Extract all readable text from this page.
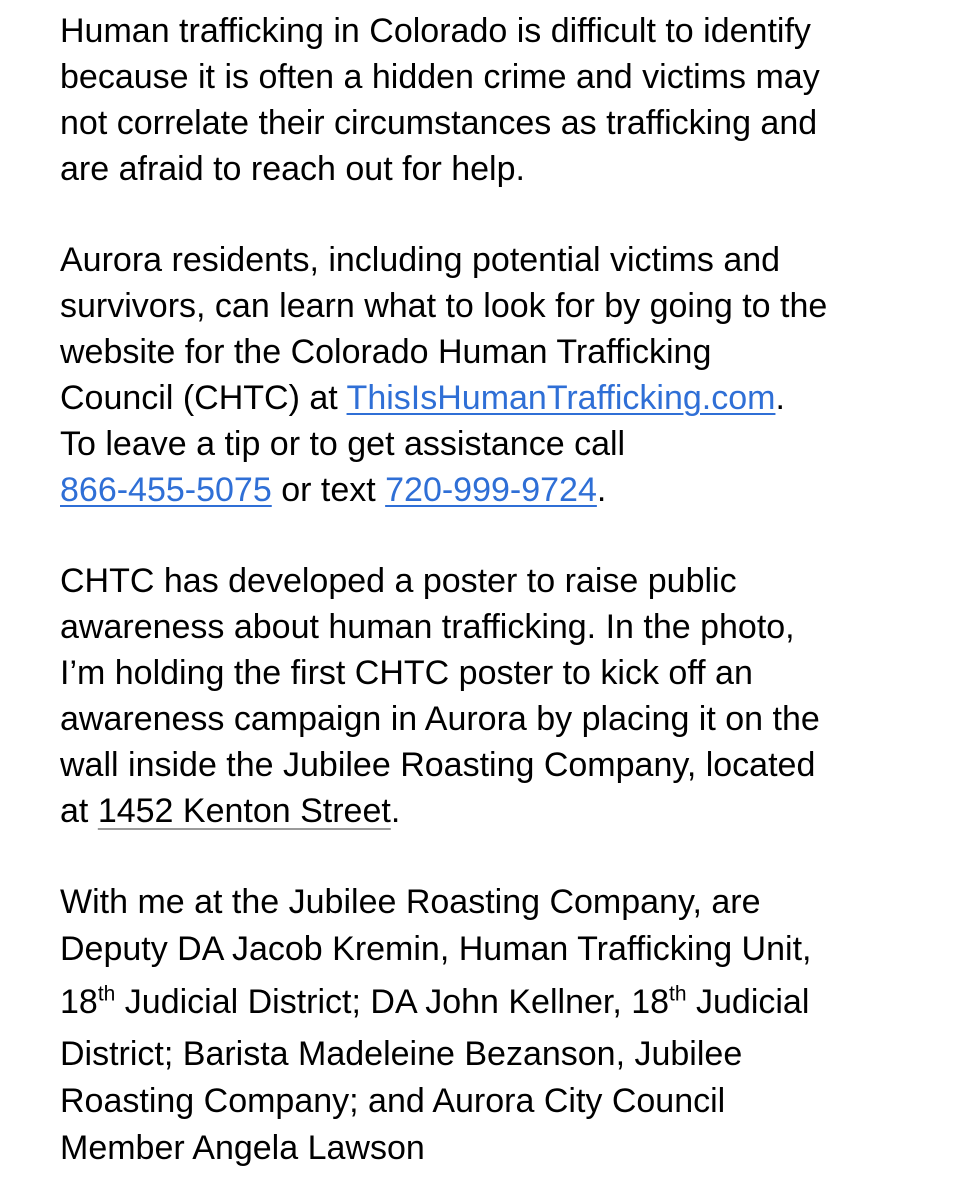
Human trafficking in Colorado is difficult to identify
because it is often a hidden crime and victims may
not correlate their circumstances as trafficking and
are afraid to reach out for help.

Aurora residents, including potential victims and
survivors, can learn what to look for by going to the
website for the Colorado Human Trafficking
Council (CHTC) at ThisIsHumanTrafficking.com.
To leave a tip or to get assistance call
866-455-5075 or text 720-999-9724.

CHTC has developed a poster to raise public
awareness about human trafficking. In the photo,
I’m holding the first CHTC poster to kick off an
awareness campaign in Aurora by placing it on the
wall inside the Jubilee Roasting Company, located
at 1452 Kenton Street.

With me at the Jubilee Roasting Company, are
Deputy DA Jacob Kremin, Human Trafficking Unit,
18th Judicial District; DA John Kellner, 18th Judicial
District; Barista Madeleine Bezanson, Jubilee
Roasting Company; and Aurora City Council
Member Angela Lawson
